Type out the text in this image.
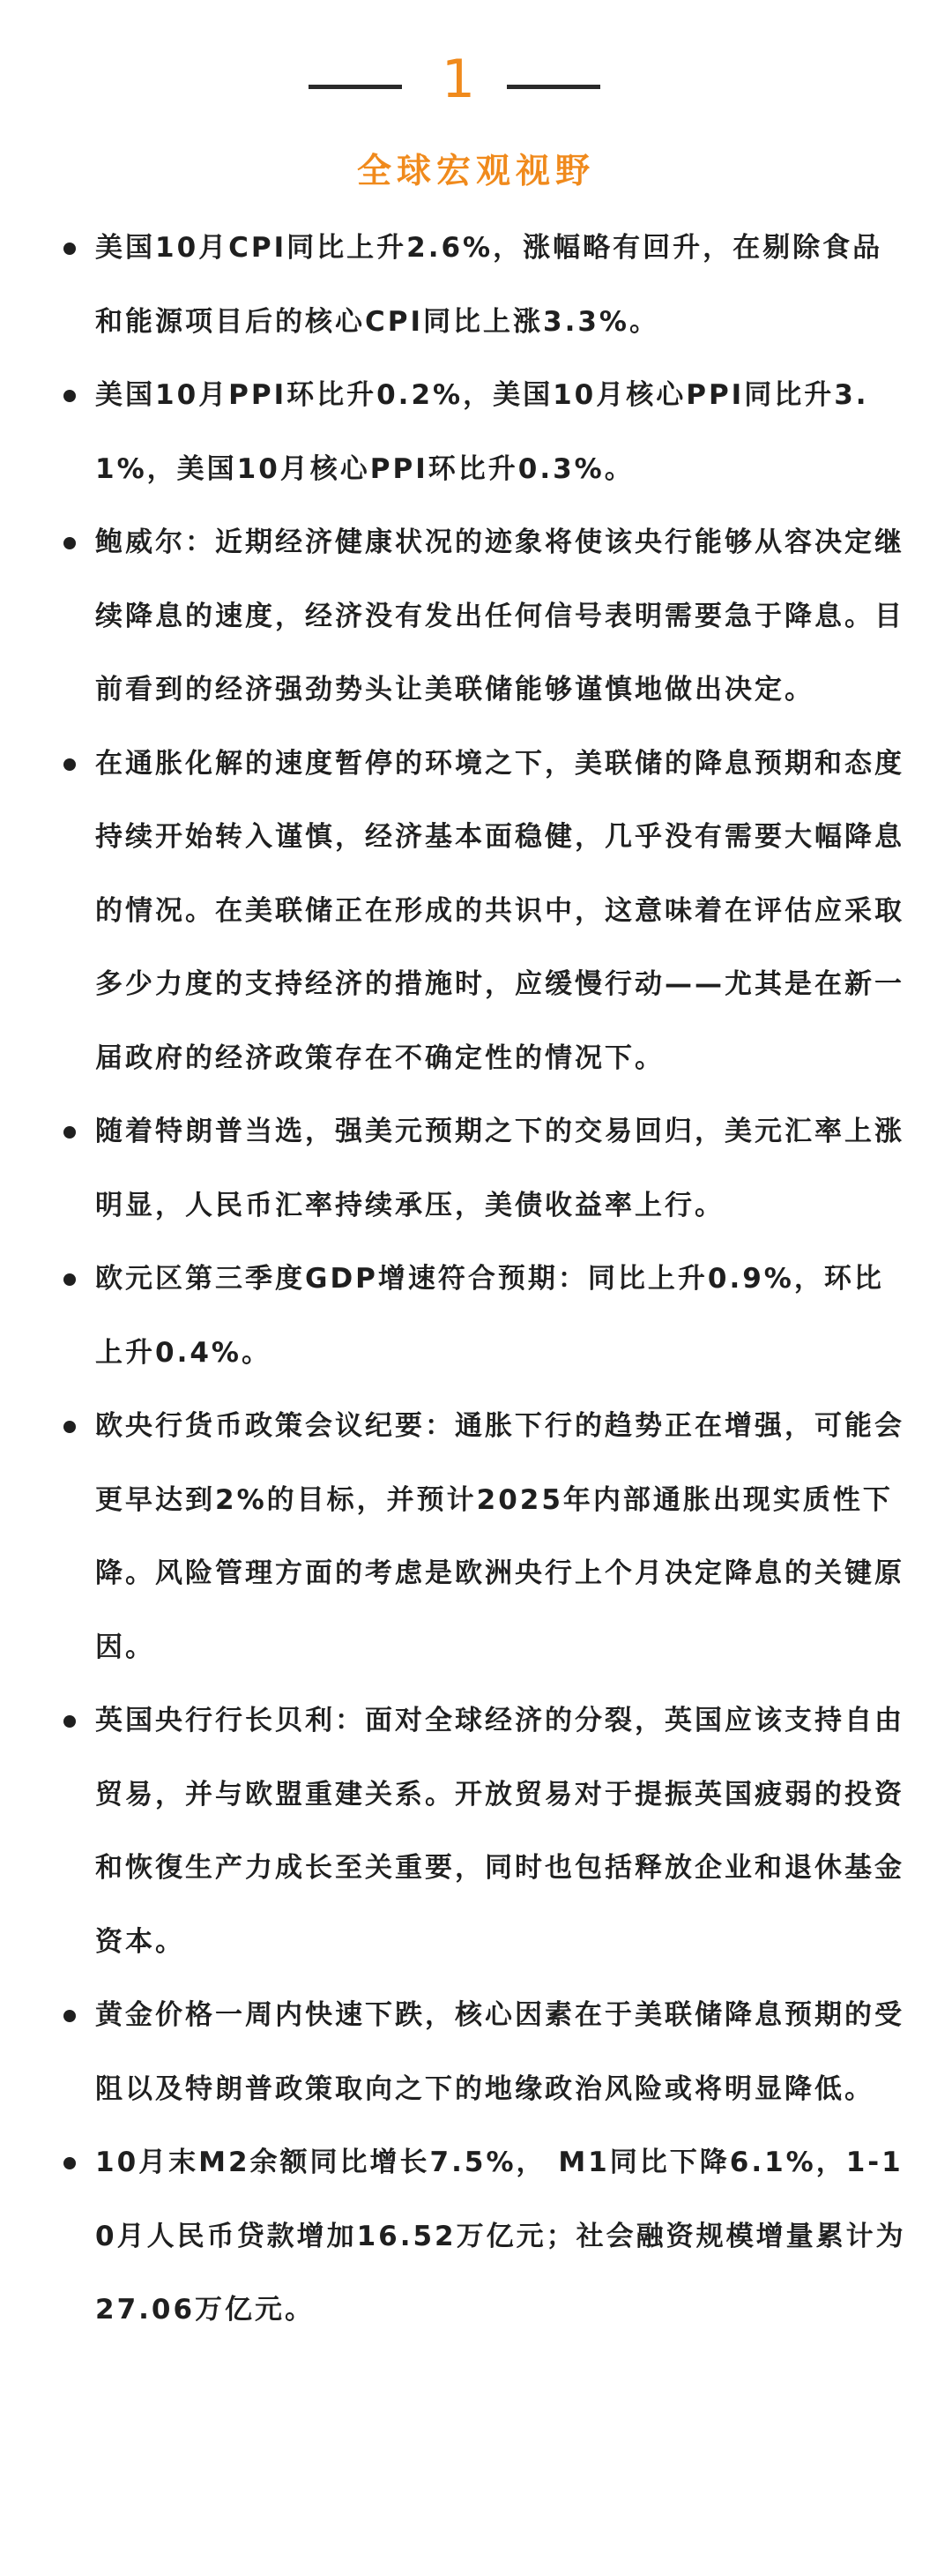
1
全球宏观视野
美国10月CPI同比上升2.6%，涨幅略有回升，在剔除食品和能源项目后的核心CPI同比上涨3.3%。
美国10月PPI环比升0.2%，美国10月核心PPI同比升3.1%，美国10月核心PPI环比升0.3%。
鲍威尔：近期经济健康状况的迹象将使该央行能够从容决定继续降息的速度，经济没有发出任何信号表明需要急于降息。目前看到的经济强劲势头让美联储能够谨慎地做出决定。
在通胀化解的速度暂停的环境之下，美联储的降息预期和态度持续开始转入谨慎，经济基本面稳健，几乎没有需要大幅降息的情况。在美联储正在形成的共识中，这意味着在评估应采取多少力度的支持经济的措施时，应缓慢行动——尤其是在新一届政府的经济政策存在不确定性的情况下。
随着特朗普当选，强美元预期之下的交易回归，美元汇率上涨明显，人民币汇率持续承压，美债收益率上行。
欧元区第三季度GDP增速符合预期：同比上升0.9%，环比上升0.4%。
欧央行货币政策会议纪要：通胀下行的趋势正在增强，可能会更早达到2%的目标，并预计2025年内部通胀出现实质性下降。风险管理方面的考虑是欧洲央行上个月决定降息的关键原因。
英国央行行长贝利：面对全球经济的分裂，英国应该支持自由贸易，并与欧盟重建关系。开放贸易对于提振英国疲弱的投资和恢復生产力成长至关重要，同时也包括释放企业和退休基金资本。
黄金价格一周内快速下跌，核心因素在于美联储降息预期的受阻以及特朗普政策取向之下的地缘政治风险或将明显降低。
10月末M2余额同比增长7.5%， M1同比下降6.1%，1-10月人民币贷款增加16.52万亿元；社会融资规模增量累计为27.06万亿元。
